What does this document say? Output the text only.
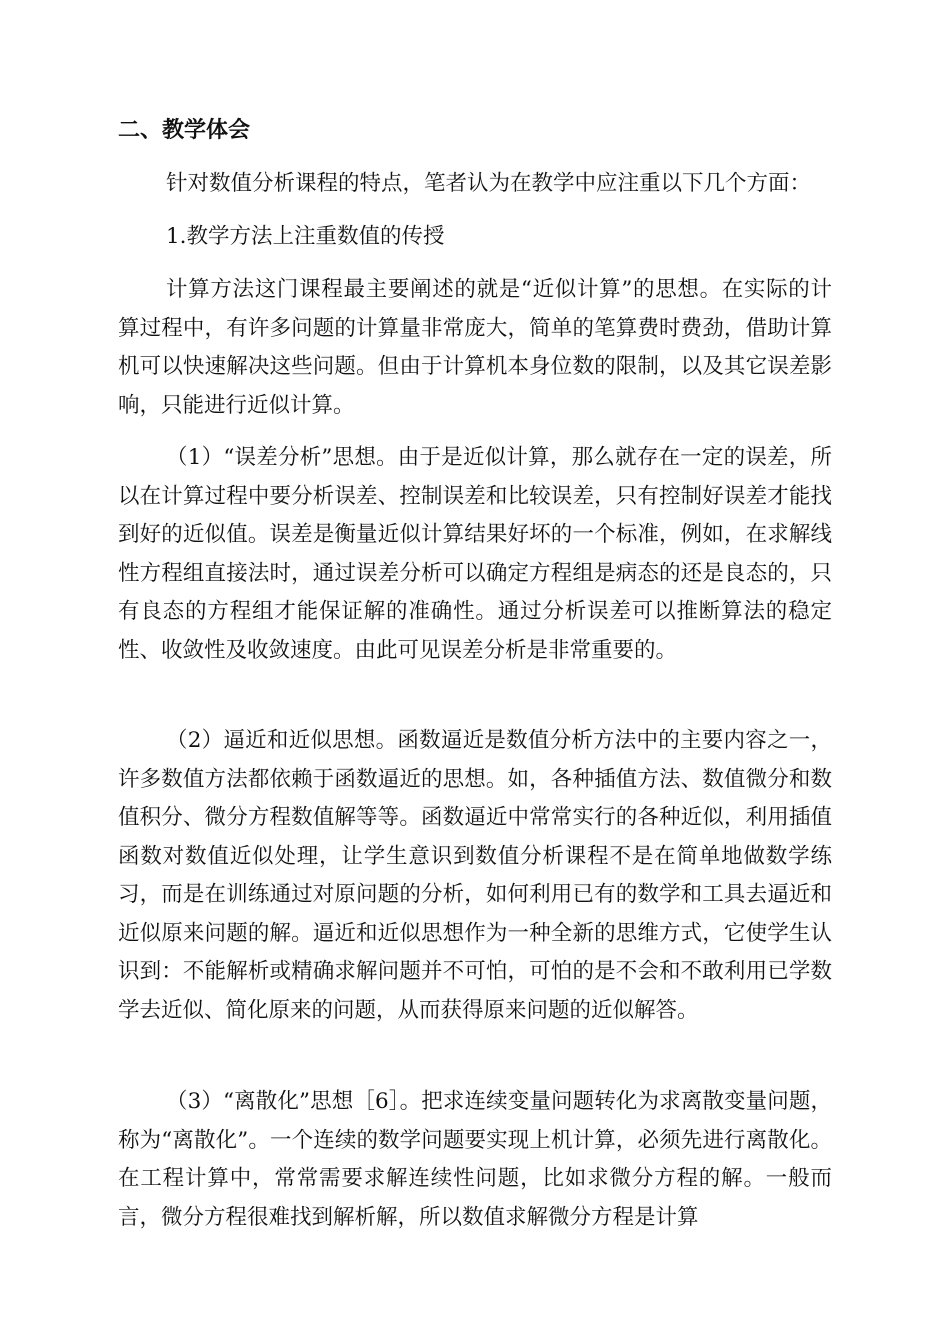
二、教学体会

针对数值分析课程的特点，笔者认为在教学中应注重以下几个方面：

1.教学方法上注重数值的传授

计算方法这门课程最主要阐述的就是“近似计算”的思想。在实际的计算过程中，有许多问题的计算量非常庞大，简单的笔算费时费劲，借助计算机可以快速解决这些问题。但由于计算机本身位数的限制，以及其它误差影响，只能进行近似计算。

（1）“误差分析”思想。由于是近似计算，那么就存在一定的误差，所以在计算过程中要分析误差、控制误差和比较误差，只有控制好误差才能找到好的近似值。误差是衡量近似计算结果好坏的一个标准，例如，在求解线性方程组直接法时，通过误差分析可以确定方程组是病态的还是良态的，只有良态的方程组才能保证解的准确性。通过分析误差可以推断算法的稳定性、收敛性及收敛速度。由此可见误差分析是非常重要的。

（2）逼近和近似思想。函数逼近是数值分析方法中的主要内容之一，许多数值方法都依赖于函数逼近的思想。如，各种插值方法、数值微分和数值积分、微分方程数值解等等。函数逼近中常常实行的各种近似，利用插值函数对数值近似处理，让学生意识到数值分析课程不是在简单地做数学练习，而是在训练通过对原问题的分析，如何利用已有的数学和工具去逼近和近似原来问题的解。逼近和近似思想作为一种全新的思维方式，它使学生认识到：不能解析或精确求解问题并不可怕，可怕的是不会和不敢利用已学数学去近似、简化原来的问题，从而获得原来问题的近似解答。

（3）“离散化”思想［6］。把求连续变量问题转化为求离散变量问题，称为“离散化”。一个连续的数学问题要实现上机计算，必须先进行离散化。在工程计算中，常常需要求解连续性问题，比如求微分方程的解。一般而言，微分方程很难找到解析解，所以数值求解微分方程是计算
